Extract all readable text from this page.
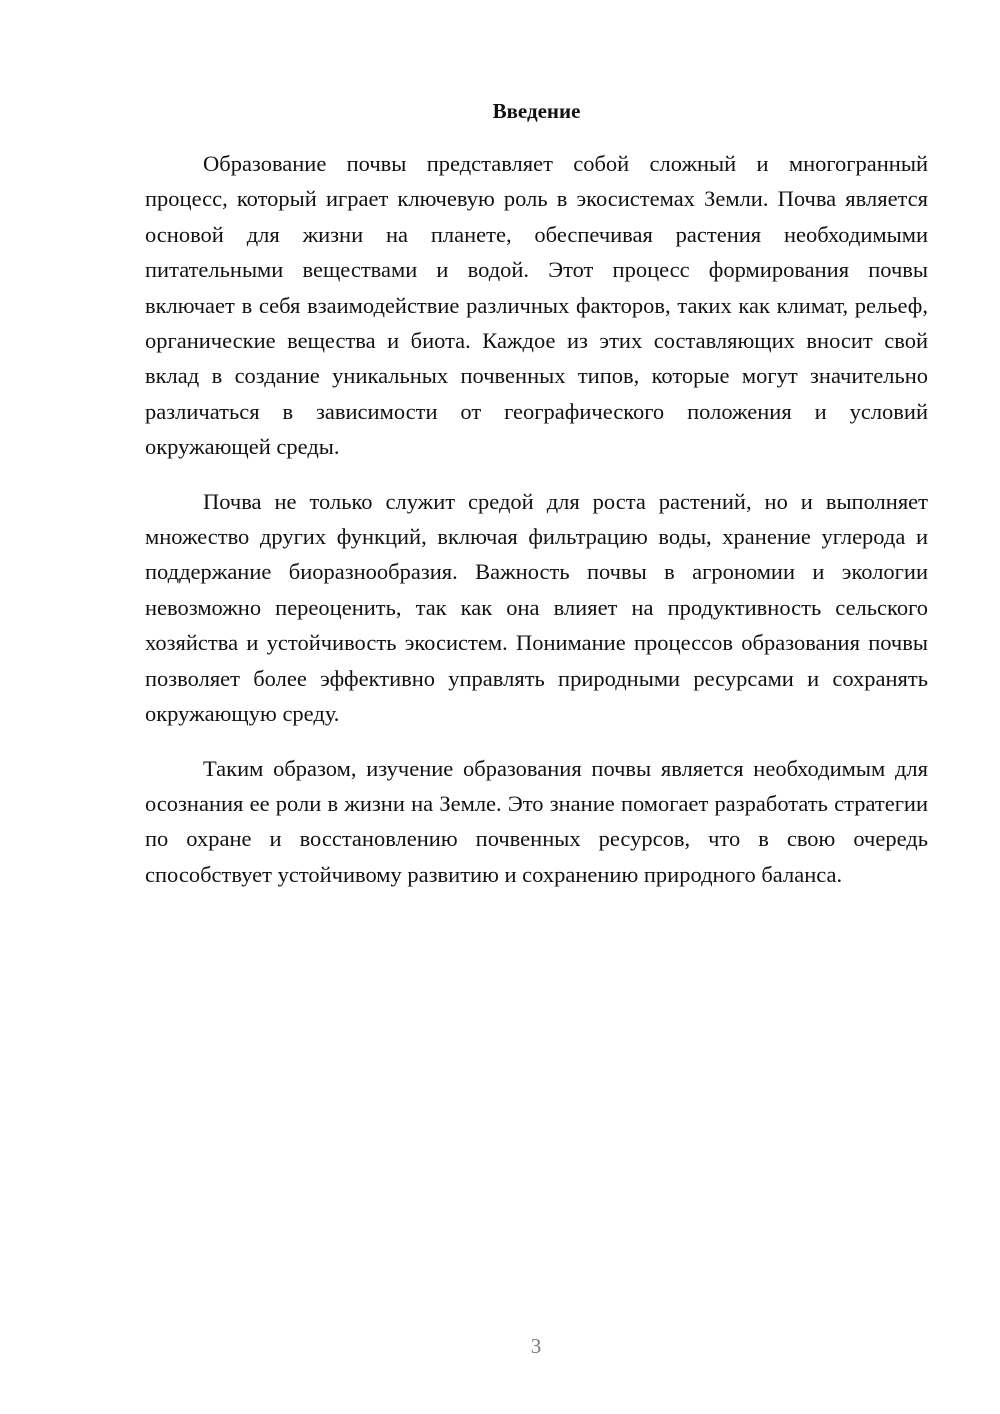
Введение

Образование почвы представляет собой сложный и многогранный процесс, который играет ключевую роль в экосистемах Земли. Почва является основой для жизни на планете, обеспечивая растения необходимыми питательными веществами и водой. Этот процесс формирования почвы включает в себя взаимодействие различных факторов, таких как климат, рельеф, органические вещества и биота. Каждое из этих составляющих вносит свой вклад в создание уникальных почвенных типов, которые могут значительно различаться в зависимости от географического положения и условий окружающей среды.

Почва не только служит средой для роста растений, но и выполняет множество других функций, включая фильтрацию воды, хранение углерода и поддержание биоразнообразия. Важность почвы в агрономии и экологии невозможно переоценить, так как она влияет на продуктивность сельского хозяйства и устойчивость экосистем. Понимание процессов образования почвы позволяет более эффективно управлять природными ресурсами и сохранять окружающую среду.

Таким образом, изучение образования почвы является необходимым для осознания ее роли в жизни на Земле. Это знание помогает разработать стратегии по охране и восстановлению почвенных ресурсов, что в свою очередь способствует устойчивому развитию и сохранению природного баланса.

3
